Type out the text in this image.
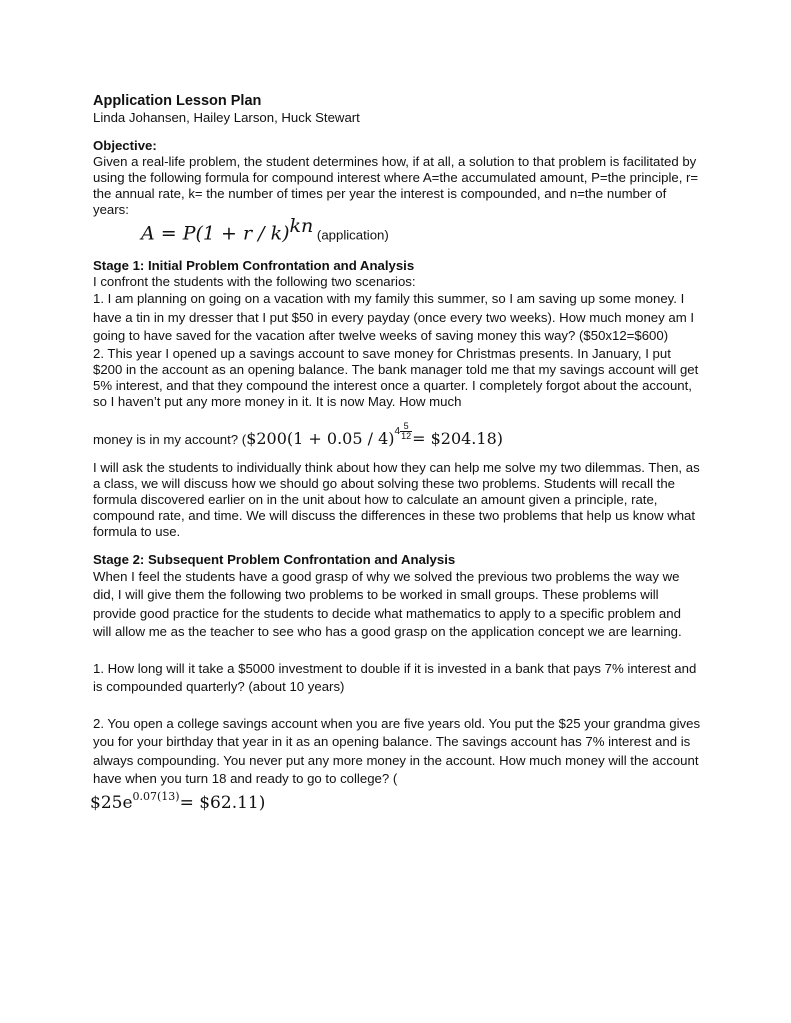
Application Lesson Plan

Linda Johansen, Hailey Larson, Huck Stewart

Objective:

Given a real-life problem, the student determines how, if at all, a solution to that problem is facilitated by using the following formula for compound interest where A=the accumulated amount, P=the principle, r= the annual rate, k= the number of times per year the interest is compounded, and n=the number of years:

$A = P(1 + r / k)^{kn}$ (application)

Stage 1: Initial Problem Confrontation and Analysis

I confront the students with the following two scenarios:

1. I am planning on going on a vacation with my family this summer, so I am saving up some money. I have a tin in my dresser that I put $50 in every payday (once every two weeks). How much money am I going to have saved for the vacation after twelve weeks of saving money this way? ($50x12=$600)

2. This year I opened up a savings account to save money for Christmas presents. In January, I put $200 in the account as an opening balance. The bank manager told me that my savings account will get 5% interest, and that they compound the interest once a quarter. I completely forgot about the account, so I haven’t put any more money in it. It is now May. How much

money is in my account? ($200(1 + $0.05 / 4)4 \frac{5}{12}$ = $204.18)

I will ask the students to individually think about how they can help me solve my two dilemmas. Then, as a class, we will discuss how we should go about solving these two problems. Students will recall the formula discovered earlier on in the unit about how to calculate an amount given a principle, rate, compound rate, and time. We will discuss the differences in these two problems that help us know what formula to use.

Stage 2: Subsequent Problem Confrontation and Analysis

When I feel the students have a good grasp of why we solved the previous two problems the way we did, I will give them the following two problems to be worked in small groups. These problems will provide good practice for the students to decide what mathematics to apply to a specific problem and will allow me as the teacher to see who has a good grasp on the application concept we are learning.

1. How long will it take a $5000 investment to double if it is invested in a bank that pays 7% interest and is compounded quarterly? (about 10 years)

2. You open a college savings account when you are five years old. You put the $25 your grandma gives you for your birthday that year in it as an opening balance. The savings account has 7% interest and is always compounding. You never put any more money in the account. How much money will the account have when you turn 18 and ready to go to college? (

$\$25e^{0.07(13)}=$ $62.11)
